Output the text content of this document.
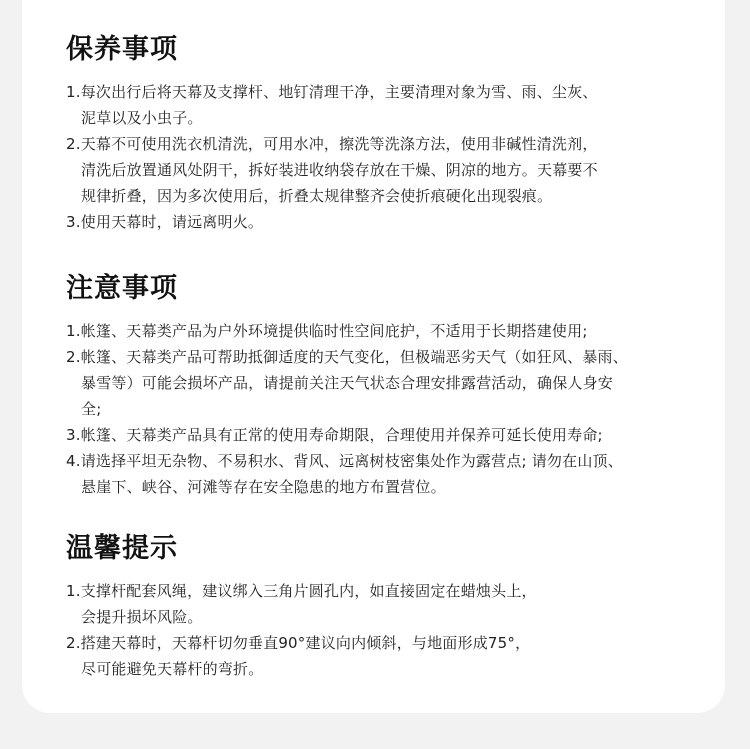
保养事项
1.每次出行后将天幕及支撑杆、地钉清理干净，主要清理对象为雪、雨、尘灰、
泥草以及小虫子。
2.天幕不可使用洗衣机清洗，可用水冲，擦洗等洗涤方法，使用非碱性清洗剂，
清洗后放置通风处阴干，拆好装进收纳袋存放在干燥、阴凉的地方。天幕要不
规律折叠，因为多次使用后，折叠太规律整齐会使折痕硬化出现裂痕。
3.使用天幕时，请远离明火。
注意事项
1.帐篷、天幕类产品为户外环境提供临时性空间庇护，不适用于长期搭建使用;
2.帐篷、天幕类产品可帮助抵御适度的天气变化，但极端恶劣天气（如狂风、暴雨、
暴雪等）可能会损坏产品，请提前关注天气状态合理安排露营活动，确保人身安
全;
3.帐篷、天幕类产品具有正常的使用寿命期限，合理使用并保养可延长使用寿命;
4.请选择平坦无杂物、不易积水、背风、远离树枝密集处作为露营点; 请勿在山顶、
悬崖下、峡谷、河滩等存在安全隐患的地方布置营位。
温馨提示
1.支撑杆配套风绳，建议绑入三角片圆孔内，如直接固定在蜡烛头上，
会提升损坏风险。
2.搭建天幕时，天幕杆切勿垂直90°建议向内倾斜，与地面形成75°，
尽可能避免天幕杆的弯折。
